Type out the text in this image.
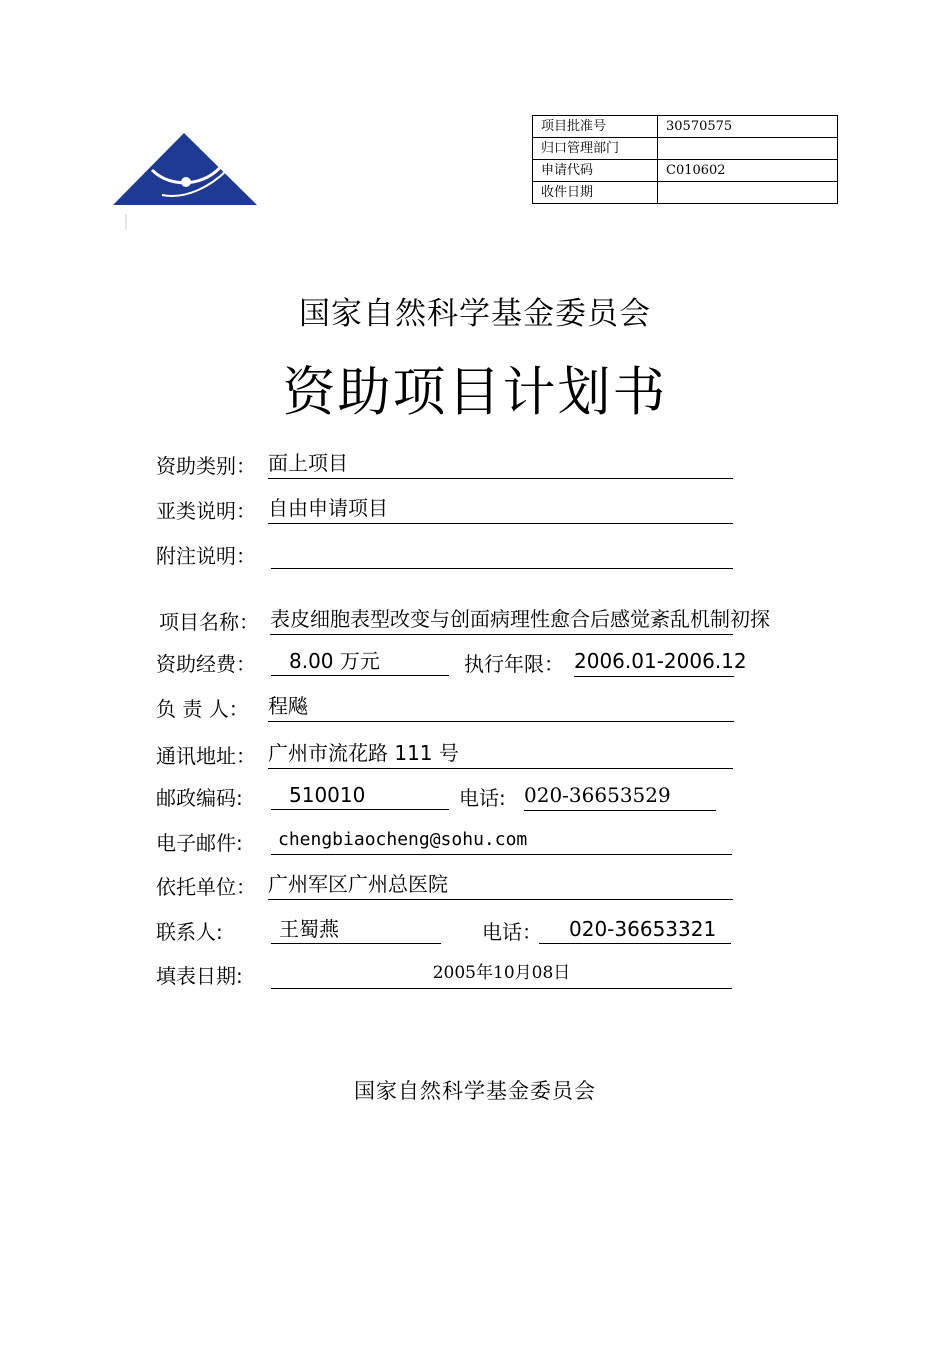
项目批准号	30570575
归口管理部门	
申请代码	C010602
收件日期	
国家自然科学基金委员会
资助项目计划书
资助类别： 面上项目
亚类说明： 自由申请项目
附注说明：
项目名称： 表皮细胞表型改变与创面病理性愈合后感觉紊乱机制初探
资助经费：	8.00 万元	执行年限： 2006.01-2006.12
负 责 人： 程飚
通讯地址： 广州市流花路 111 号
邮政编码:	510010	电话: 020-36653529
电子邮件:	chengbiaocheng@sohu.com
依托单位： 广州军区广州总医院
联系人:	王蜀燕	电话：	020-36653321
填表日期:	2005年10月08日
国家自然科学基金委员会
